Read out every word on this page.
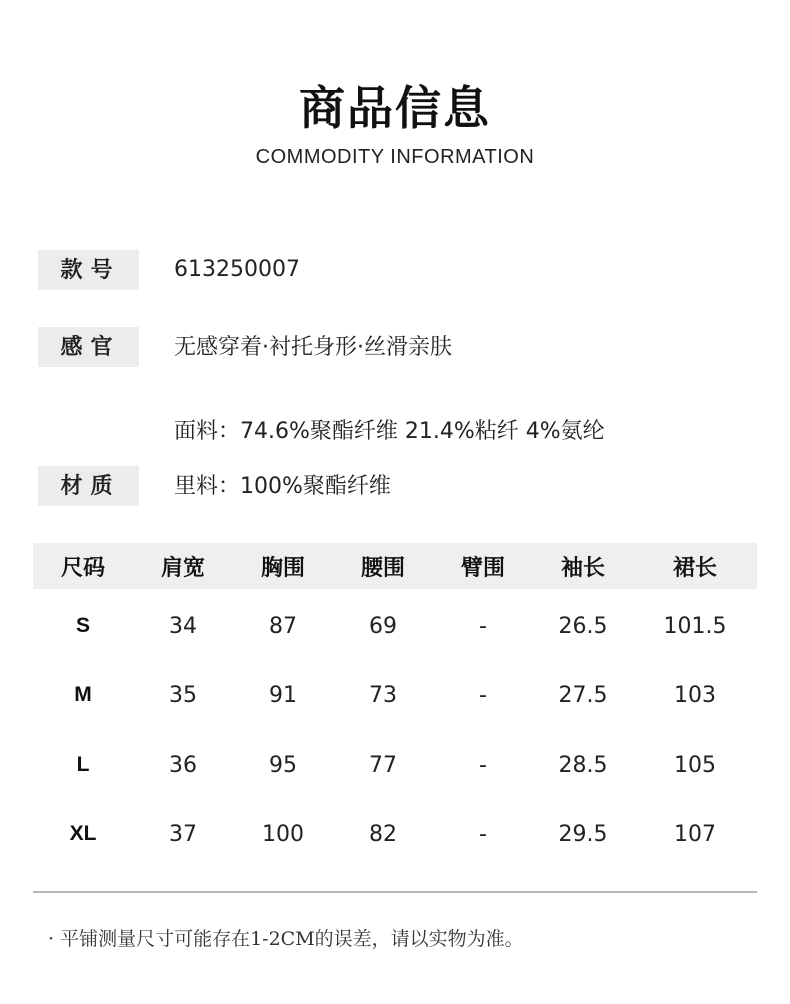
商品信息
COMMODITY INFORMATION
款号	613250007
感官	无感穿着·衬托身形·丝滑亲肤
面料：74.6%聚酯纤维 21.4%粘纤 4%氨纶
材质	里料：100%聚酯纤维
尺码	肩宽	胸围	腰围	臂围	袖长	裙长
S	34	87	69	-	26.5	101.5
M	35	91	73	-	27.5	103
L	36	95	77	-	28.5	105
XL	37	100	82	-	29.5	107
· 平铺测量尺寸可能存在1-2CM的误差，请以实物为准。
